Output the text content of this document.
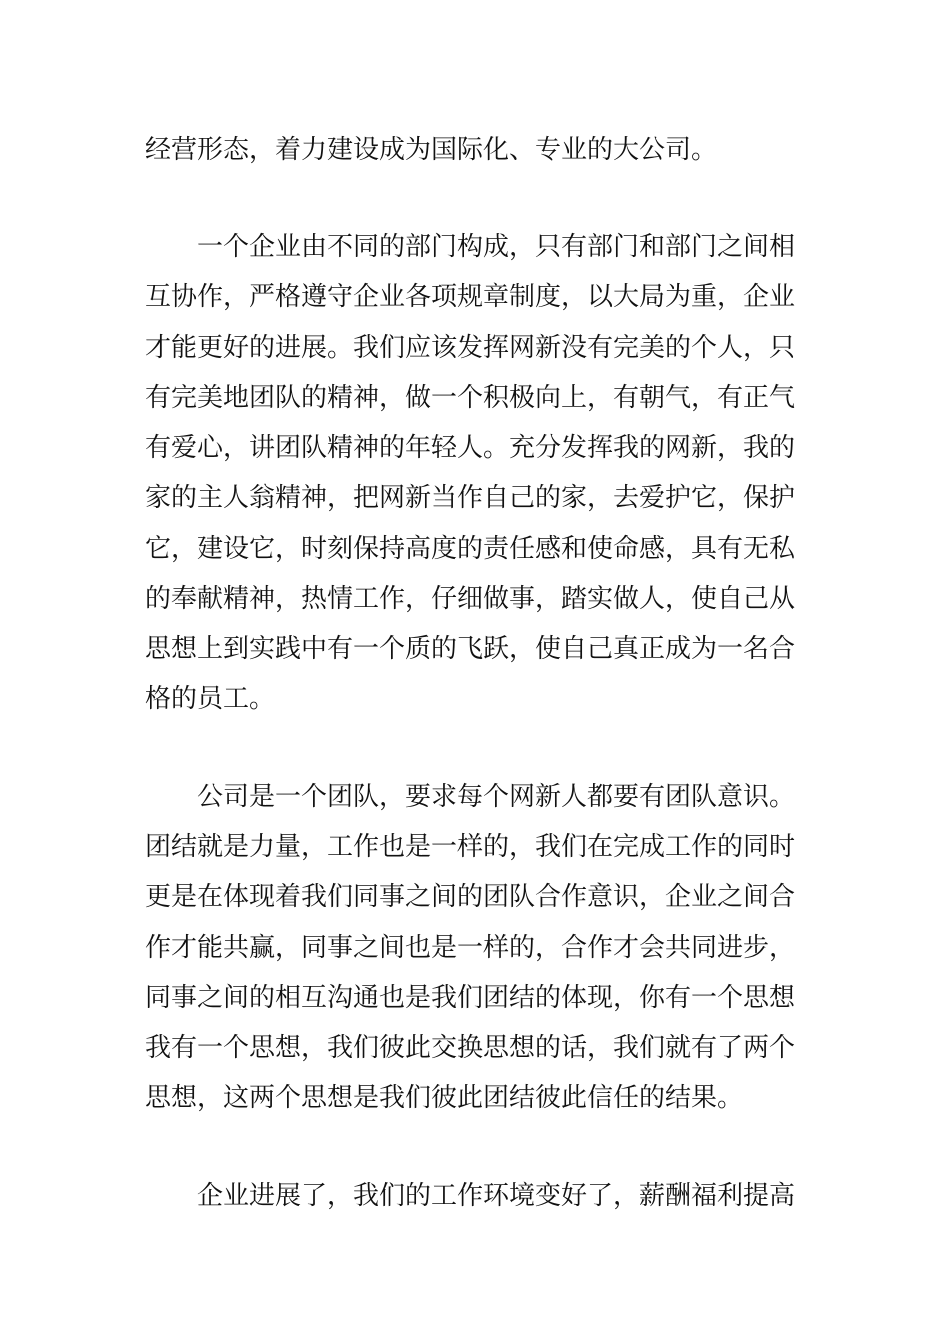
经营形态，着力建设成为国际化、专业的大公司。

一个企业由不同的部门构成，只有部门和部门之间相

互协作，严格遵守企业各项规章制度，以大局为重，企业

才能更好的进展。我们应该发挥网新没有完美的个人，只

有完美地团队的精神，做一个积极向上，有朝气，有正气

有爱心，讲团队精神的年轻人。充分发挥我的网新，我的

家的主人翁精神，把网新当作自己的家，去爱护它，保护

它，建设它，时刻保持高度的责任感和使命感，具有无私

的奉献精神，热情工作，仔细做事，踏实做人，使自己从

思想上到实践中有一个质的飞跃，使自己真正成为一名合

格的员工。

公司是一个团队，要求每个网新人都要有团队意识。

团结就是力量，工作也是一样的，我们在完成工作的同时

更是在体现着我们同事之间的团队合作意识，企业之间合

作才能共赢，同事之间也是一样的，合作才会共同进步，

同事之间的相互沟通也是我们团结的体现，你有一个思想

我有一个思想，我们彼此交换思想的话，我们就有了两个

思想，这两个思想是我们彼此团结彼此信任的结果。

企业进展了，我们的工作环境变好了，薪酬福利提高
